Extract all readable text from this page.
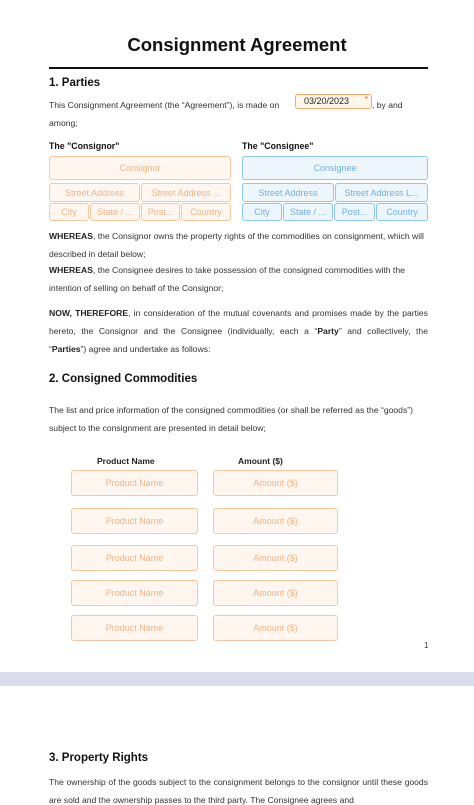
Consignment Agreement
1. Parties
This Consignment Agreement (the “Agreement”), is made on	03/20/2023 *
, by and
among;
The "Consignor"	The "Consignee"
Consignor
Street Address	Street Address ...
City	State / ...	Post...	Country
Consignee
Street Address	Street Address L...
City	State / ...	Post...	Country
WHEREAS, the Consignor owns the property rights of the commodities on consignment, which will described in detail below;
WHEREAS, the Consignee desires to take possession of the consigned commodities with the intention of selling on behalf of the Consignor;
NOW, THEREFORE, in consideration of the mutual covenants and promises made by the parties hereto, the Consignor and the Consignee (individually, each a “Party” and collectively, the “Parties”) agree and undertake as follows:
2. Consigned Commodities
The list and price information of the consigned commodities (or shall be referred as the “goods”) subject to the consignment are presented in detail below;
Product Name	Amount ($)
Product Name	Amount ($)
Product Name	Amount ($)
Product Name	Amount ($)
Product Name	Amount ($)
Product Name	Amount ($)
1
3. Property Rights
The ownership of the goods subject to the consignment belongs to the consignor until these goods are sold and the ownership passes to the third party. The Consignee agrees and
